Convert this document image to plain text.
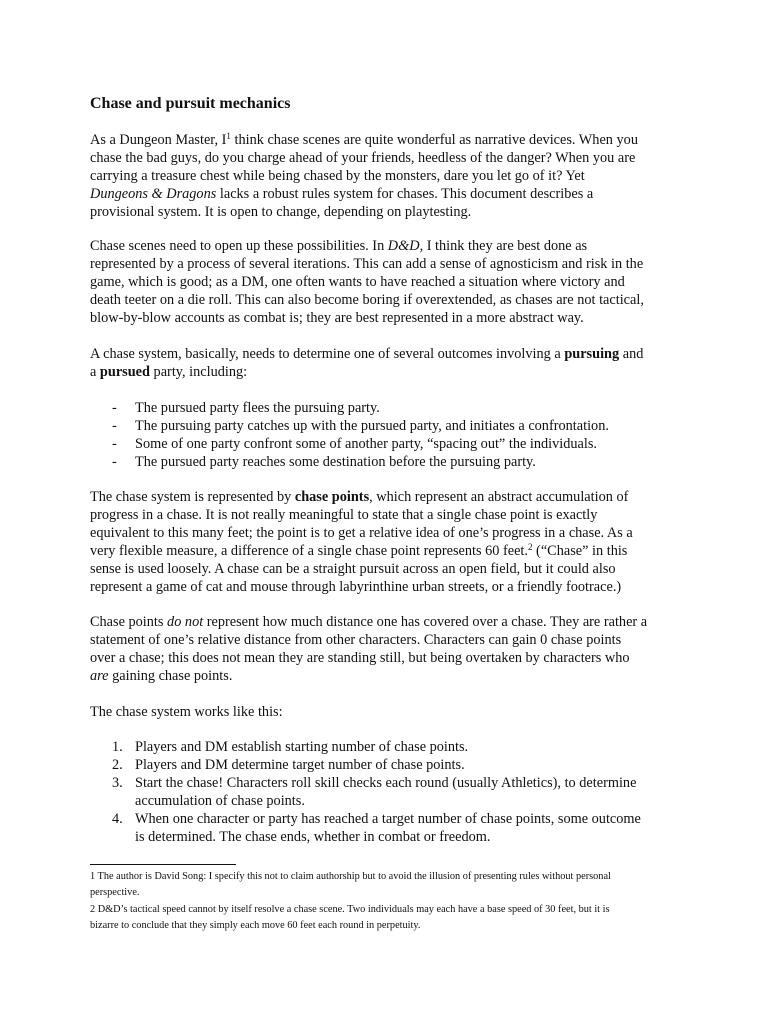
Chase and pursuit mechanics

As a Dungeon Master, $I^1$ think chase scenes are quite wonderful as narrative devices. When you
chase the bad guys, do you charge ahead of your friends, heedless of the danger? When you are
carrying a treasure chest while being chased by the monsters, dare you let go of it? Yet
Dungeons & Dragons lacks a robust rules system for chases. This document describes a
provisional system. It is open to change, depending on playtesting.

Chase scenes need to open up these possibilities. In D&D, I think they are best done as
represented by a process of several iterations. This can add a sense of agnosticism and risk in the
game, which is good; as a DM, one often wants to have reached a situation where victory and
death teeter on a die roll. This can also become boring if overextended, as chases are not tactical,
blow-by-blow accounts as combat is; they are best represented in a more abstract way.

A chase system, basically, needs to determine one of several outcomes involving a pursuing and
a pursued party, including:

-	The pursued party flees the pursuing party.
-	The pursuing party catches up with the pursued party, and initiates a confrontation.
-	Some of one party confront some of another party, “spacing out” the individuals.
-	The pursued party reaches some destination before the pursuing party.

The chase system is represented by chase points, which represent an abstract accumulation of
progress in a chase. It is not really meaningful to state that a single chase point is exactly
equivalent to this many feet; the point is to get a relative idea of one’s progress in a chase. As a
very flexible measure, a difference of a single chase point represents 60 feet.$^2$ (“Chase” in this
sense is used loosely. A chase can be a straight pursuit across an open field, but it could also
represent a game of cat and mouse through labyrinthine urban streets, or a friendly footrace.)

Chase points do not represent how much distance one has covered over a chase. They are rather a
statement of one’s relative distance from other characters. Characters can gain 0 chase points
over a chase; this does not mean they are standing still, but being overtaken by characters who
are gaining chase points.

The chase system works like this:

1. Players and DM establish starting number of chase points.
2. Players and DM determine target number of chase points.
3. Start the chase! Characters roll skill checks each round (usually Athletics), to determine
accumulation of chase points.
4. When one character or party has reached a target number of chase points, some outcome
is determined. The chase ends, whether in combat or freedom.

1 The author is David Song: I specify this not to claim authorship but to avoid the illusion of presenting rules without personal
perspective.

2 D&D’s tactical speed cannot by itself resolve a chase scene. Two individuals may each have a base speed of 30 feet, but it is
bizarre to conclude that they simply each move 60 feet each round in perpetuity.
